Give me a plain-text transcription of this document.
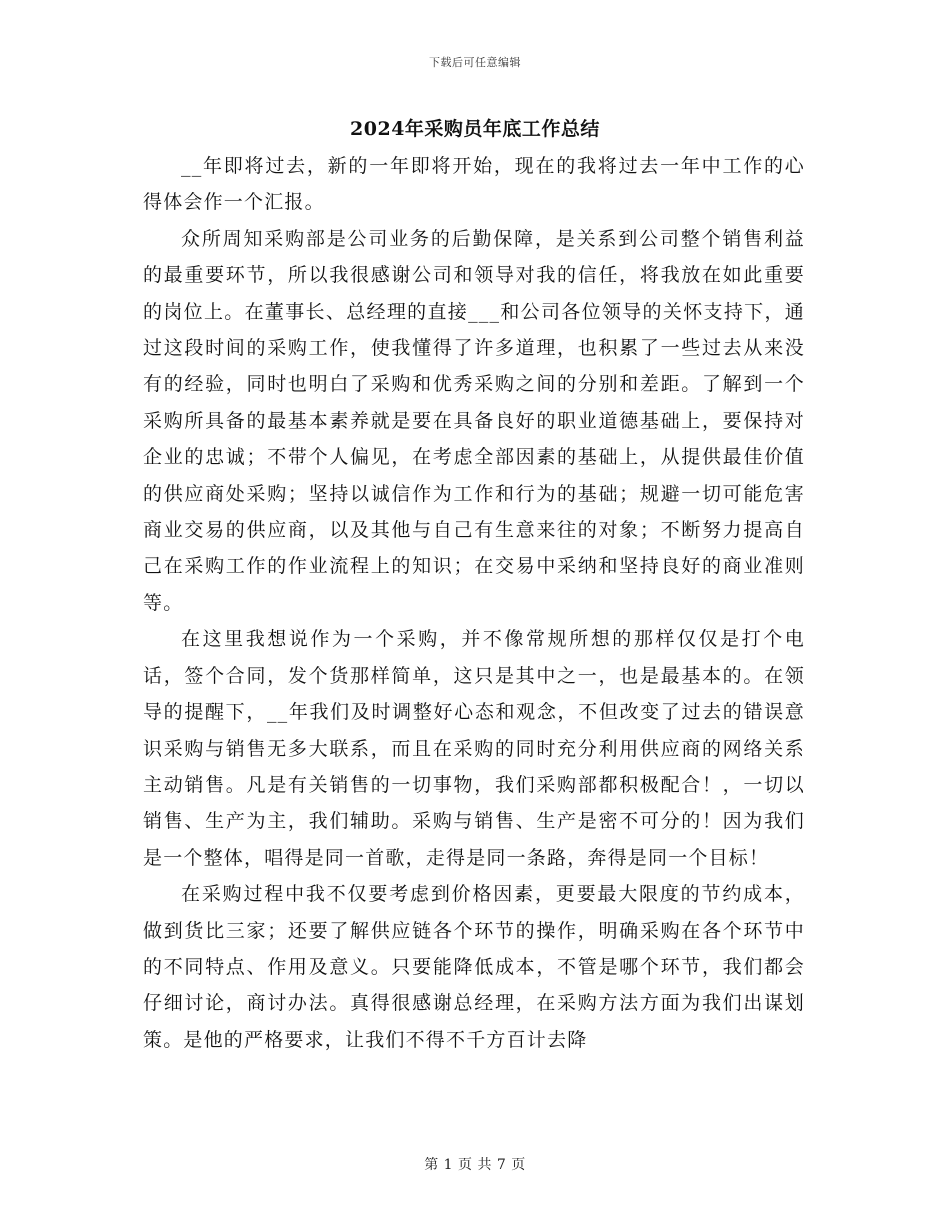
下载后可任意编辑
2024年采购员年底工作总结

__年即将过去，新的一年即将开始，现在的我将过去一年中工作的心得体会作一个汇报。

众所周知采购部是公司业务的后勤保障，是关系到公司整个销售利益的最重要环节，所以我很感谢公司和领导对我的信任，将我放在如此重要的岗位上。在董事长、总经理的直接___和公司各位领导的关怀支持下，通过这段时间的采购工作，使我懂得了许多道理，也积累了一些过去从来没有的经验，同时也明白了采购和优秀采购之间的分别和差距。了解到一个采购所具备的最基本素养就是要在具备良好的职业道德基础上，要保持对企业的忠诚；不带个人偏见，在考虑全部因素的基础上，从提供最佳价值的供应商处采购；坚持以诚信作为工作和行为的基础；规避一切可能危害商业交易的供应商，以及其他与自己有生意来往的对象；不断努力提高自己在采购工作的作业流程上的知识；在交易中采纳和坚持良好的商业准则等。

在这里我想说作为一个采购，并不像常规所想的那样仅仅是打个电话，签个合同，发个货那样简单，这只是其中之一，也是最基本的。在领导的提醒下，__年我们及时调整好心态和观念，不但改变了过去的错误意识采购与销售无多大联系，而且在采购的同时充分利用供应商的网络关系主动销售。凡是有关销售的一切事物，我们采购部都积极配合！，一切以销售、生产为主，我们辅助。采购与销售、生产是密不可分的！因为我们是一个整体，唱得是同一首歌，走得是同一条路，奔得是同一个目标！

在采购过程中我不仅要考虑到价格因素，更要最大限度的节约成本，做到货比三家；还要了解供应链各个环节的操作，明确采购在各个环节中的不同特点、作用及意义。只要能降低成本，不管是哪个环节，我们都会仔细讨论，商讨办法。真得很感谢总经理，在采购方法方面为我们出谋划策。是他的严格要求，让我们不得不千方百计去降

第 1 页 共 7 页
